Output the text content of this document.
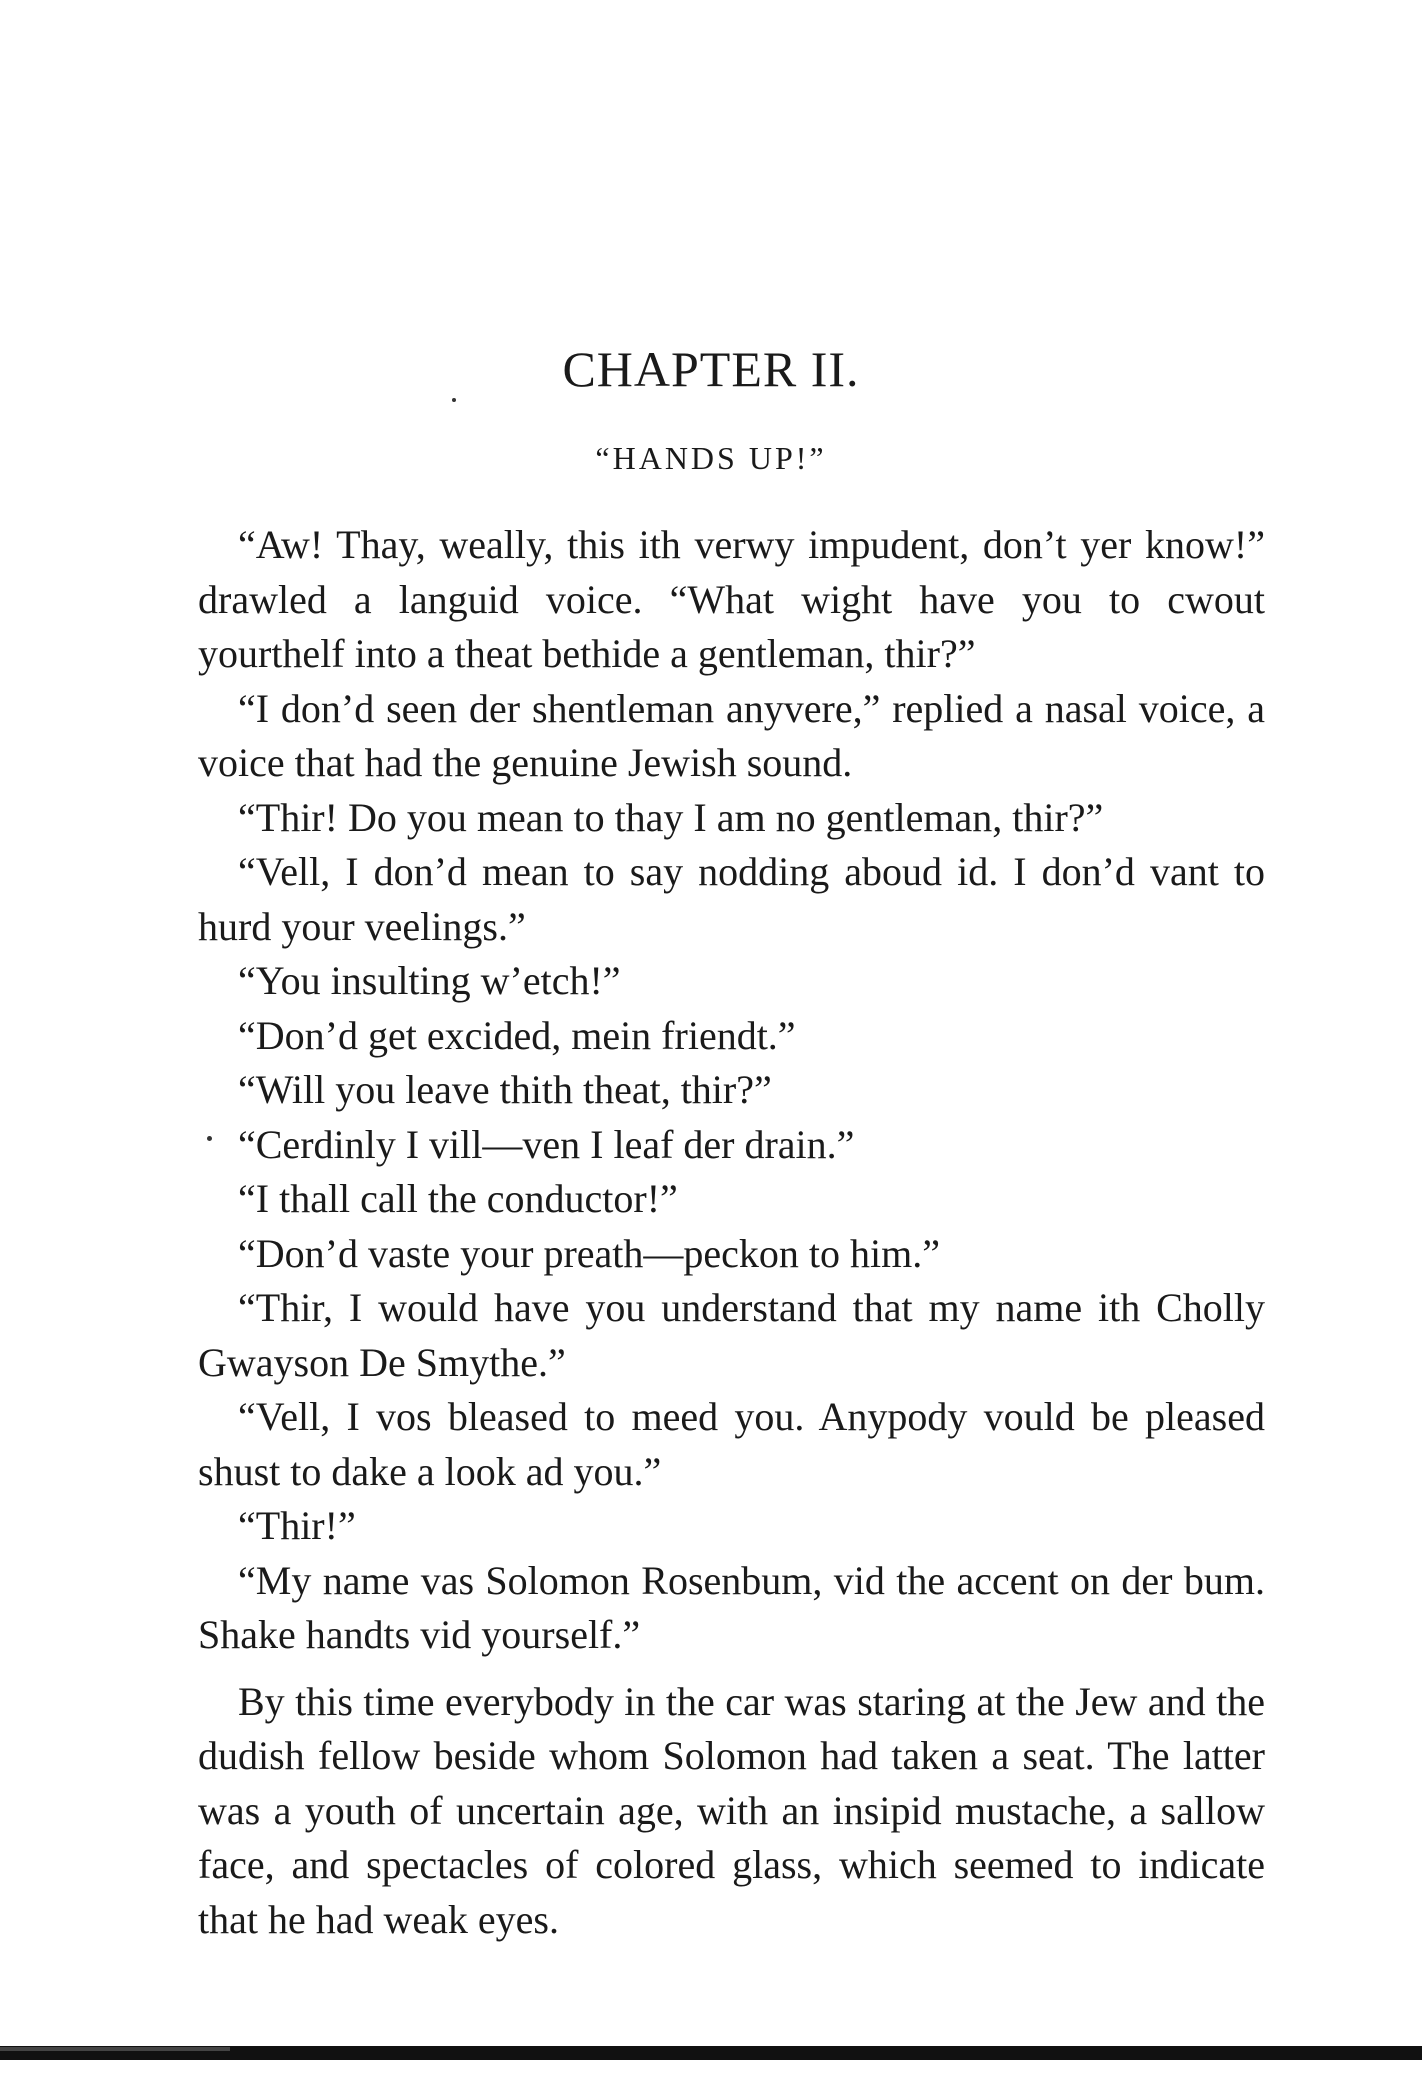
CHAPTER II.
“HANDS UP!”

“Aw! Thay, weally, this ith verwy impudent, don’t yer know!” drawled a languid voice. “What wight have you to cwout yourthelf into a theat bethide a gentleman, thir?”

“I don’d seen der shentleman anyvere,” replied a nasal voice, a voice that had the genuine Jewish sound.

“Thir! Do you mean to thay I am no gentleman, thir?”

“Vell, I don’d mean to say nodding aboud id. I don’d vant to hurd your veelings.”

“You insulting w’etch!”

“Don’d get excided, mein friendt.”

“Will you leave thith theat, thir?”

“Cerdinly I vill—ven I leaf der drain.”

“I thall call the conductor!”

“Don’d vaste your preath—peckon to him.”

“Thir, I would have you understand that my name ith Cholly Gwayson De Smythe.”

“Vell, I vos bleased to meed you. Anypody vould be pleased shust to dake a look ad you.”

“Thir!”

“My name vas Solomon Rosenbum, vid the accent on der bum. Shake handts vid yourself.”

By this time everybody in the car was staring at the Jew and the dudish fellow beside whom Solomon had taken a seat. The latter was a youth of uncertain age, with an insipid mustache, a sallow face, and spectacles of colored glass, which seemed to indicate that he had weak eyes.
